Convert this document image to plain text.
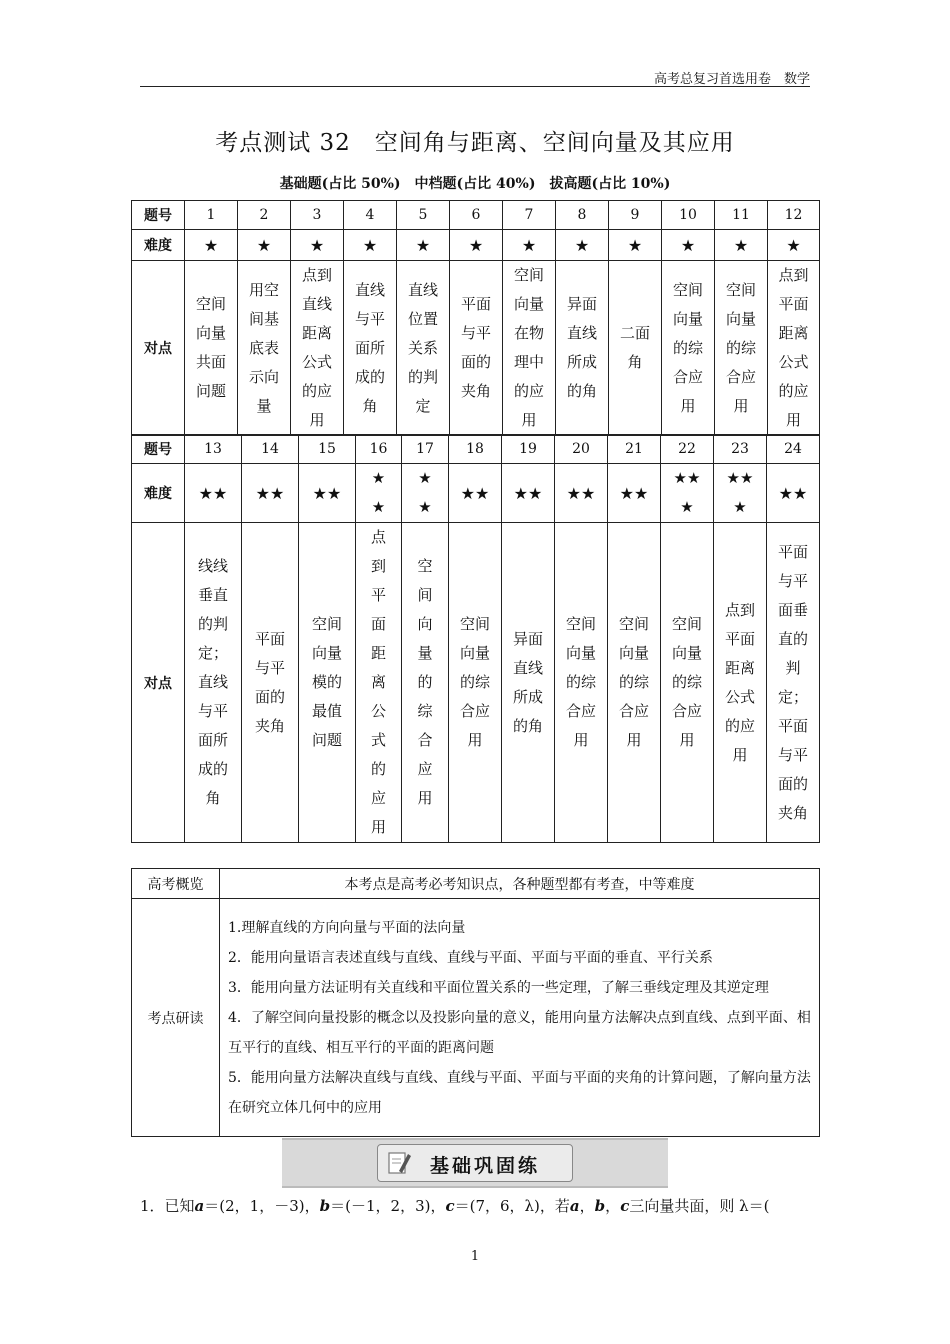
高考总复习首选用卷　数学
考点测试 32　空间角与距离、空间向量及其应用
基础题(占比 50%)　中档题(占比 40%)　拔高题(占比 10%)
题号	1	2	3	4	5	6	7	8	9	10	11	12
难度	★	★	★	★	★	★	★	★	★	★	★	★
对点	空间向量共面问题	用空间基底表示向量	点到直线距离公式的应用	直线与平面所成的角	直线位置关系的判定	平面与平面的夹角	空间向量在物理中的应用	异面直线所成的角	二面角	空间向量的综合应用	空间向量的综合应用	点到平面距离公式的应用
题号	13	14	15	16	17	18	19	20	21	22	23	24
难度	★★	★★	★★	★★	★★	★★	★★	★★	★★	★★★	★★★	★★
对点	线线垂直的判定；直线与平面所成的角	平面与平面的夹角	空间向量模的最值问题	点到平面距离公式的应用	空间向量的综合应用	空间向量的综合应用	异面直线所成的角	空间向量的综合应用	空间向量的综合应用	空间向量的综合应用	点到平面距离公式的应用	平面与平面垂直的判定；平面与平面的夹角
高考概览	本考点是高考必考知识点，各种题型都有考查，中等难度
考点研读	1.理解直线的方向向量与平面的法向量
2．能用向量语言表述直线与直线、直线与平面、平面与平面的垂直、平行关系
3．能用向量方法证明有关直线和平面位置关系的一些定理，了解三垂线定理及其逆定理
4．了解空间向量投影的概念以及投影向量的意义，能用向量方法解决点到直线、点到平面、相互平行的直线、相互平行的平面的距离问题
5．能用向量方法解决直线与直线、直线与平面、平面与平面的夹角的计算问题，了解向量方法在研究立体几何中的应用
基础巩固练
1．已知a＝(2，1，－3)，b＝(－1，2，3)，c＝(7，6，λ)，若a，b，c三向量共面，则 λ＝(
1
